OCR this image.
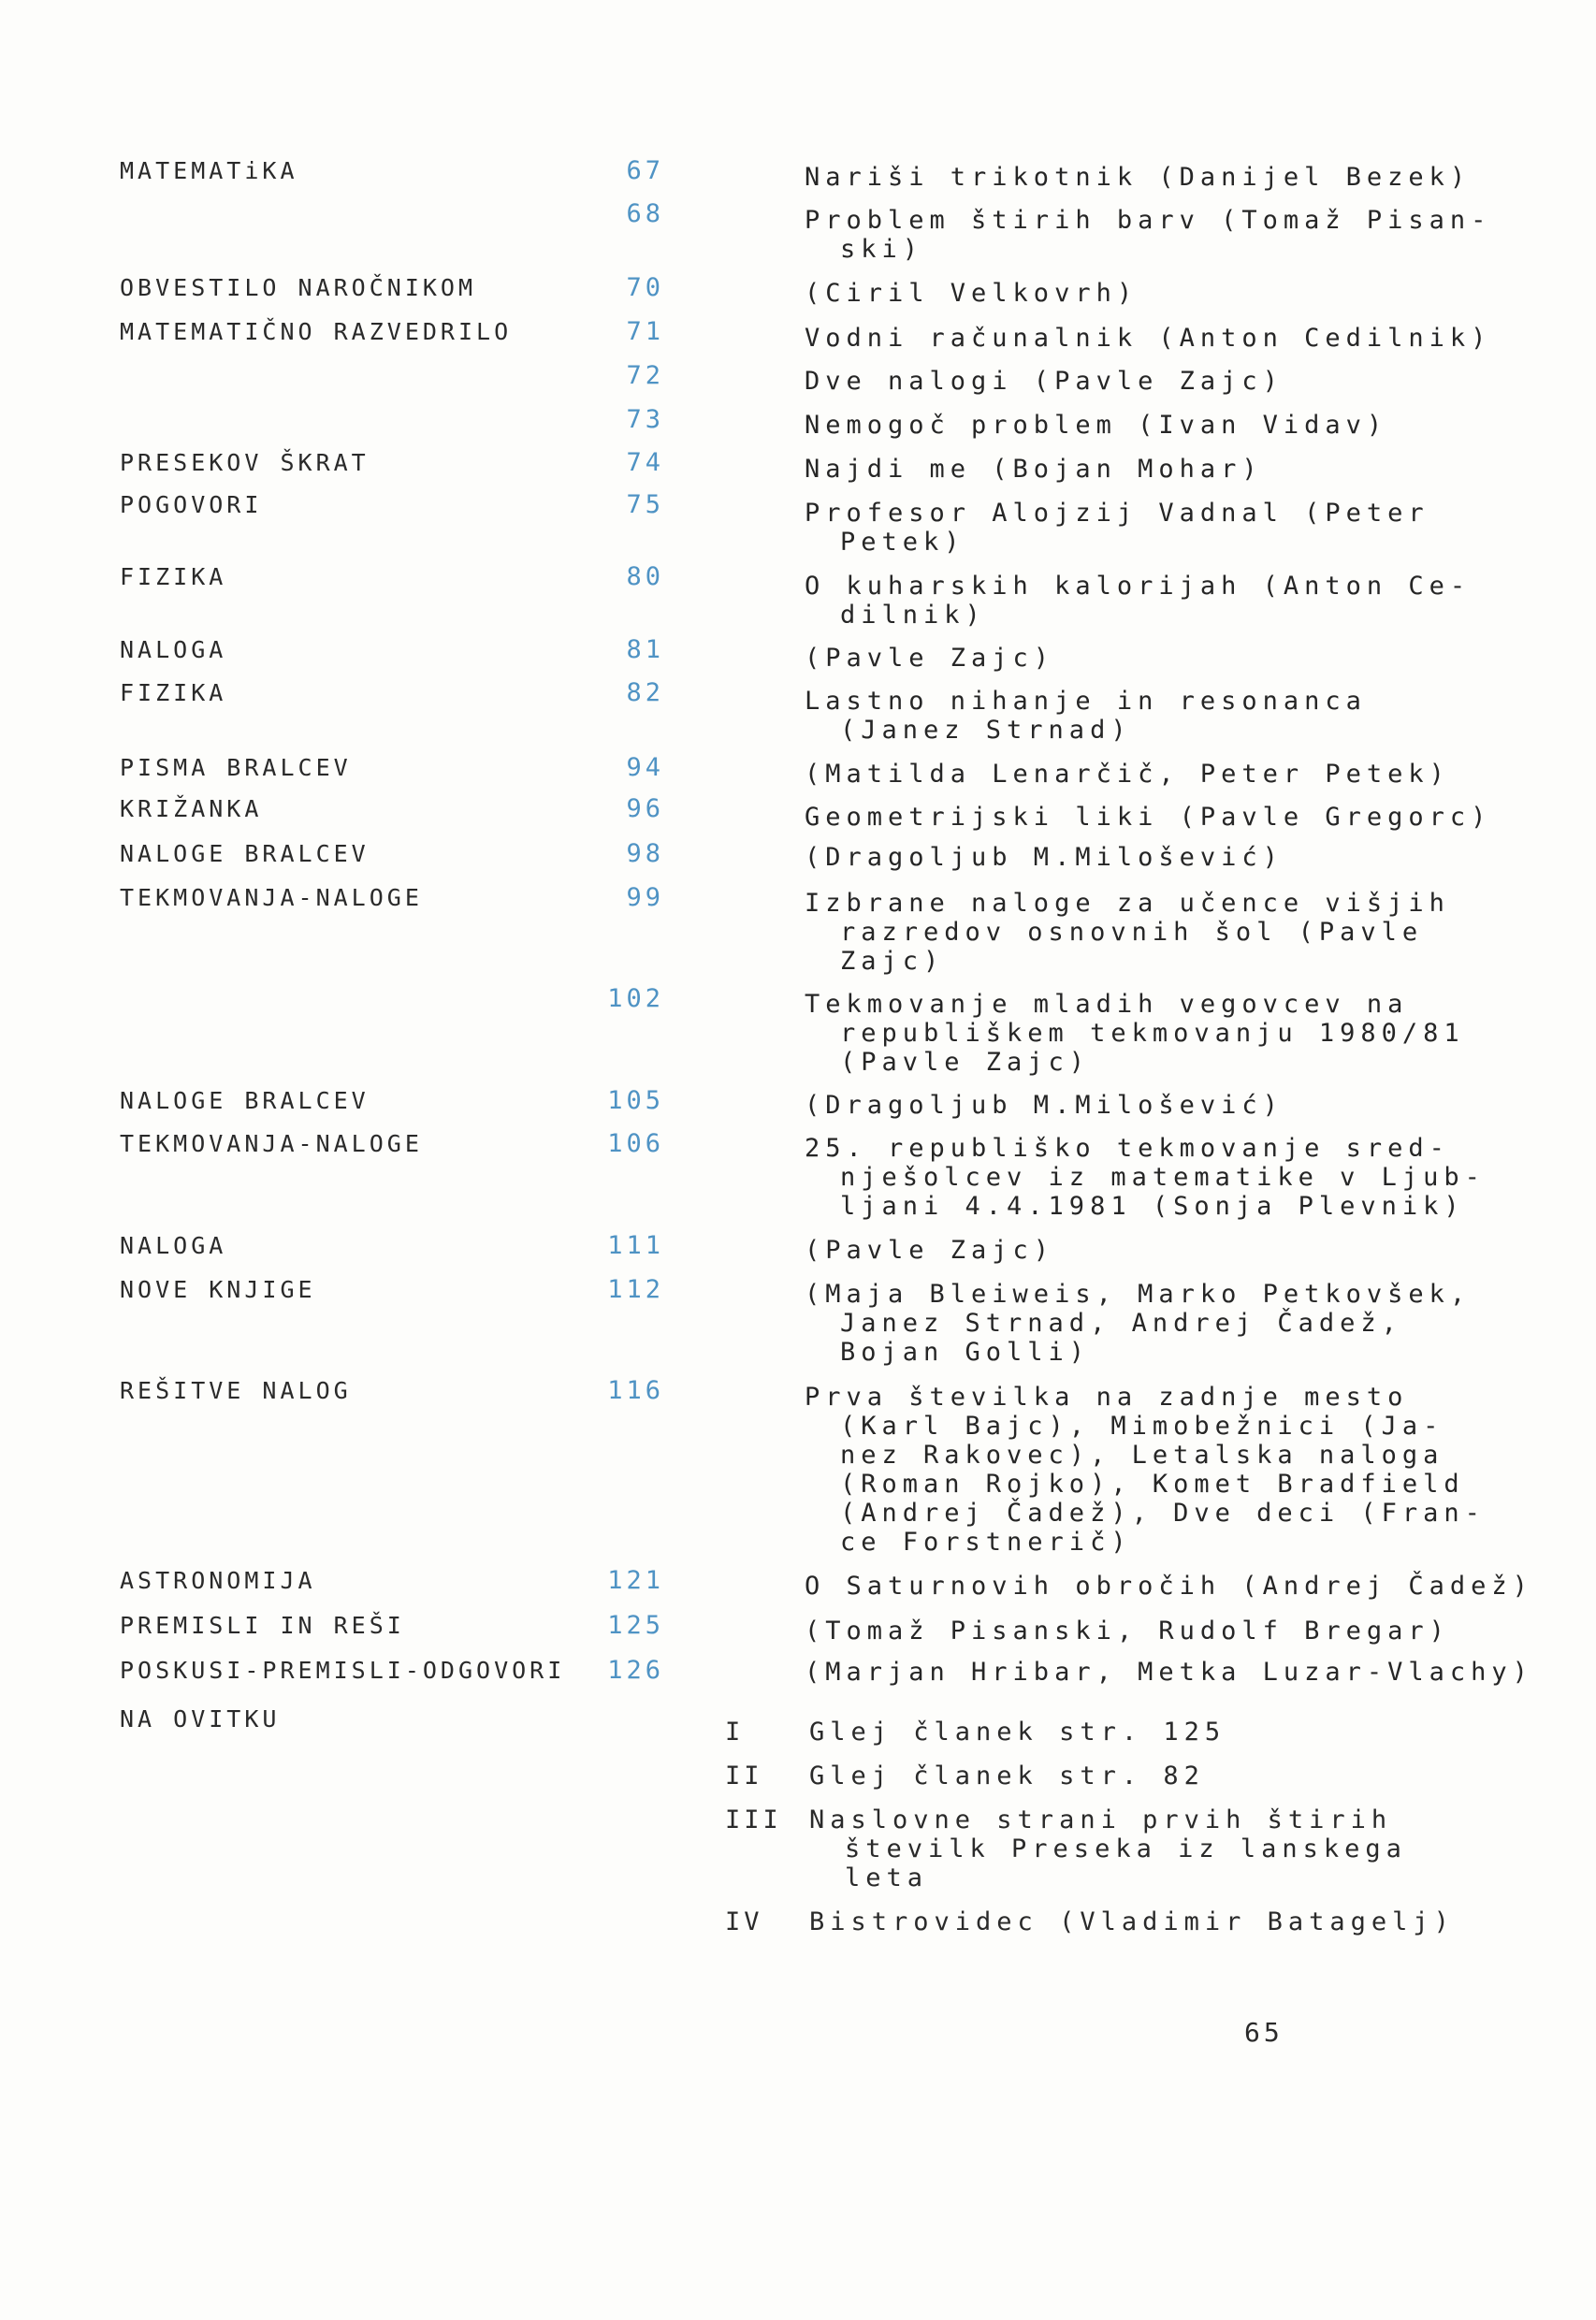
MATEMATiKA
OBVESTILO NAROČNIKOM
MATEMATIČNO RAZVEDRILO
PRESEKOV ŠKRAT
POGOVORI
FIZIKA
NALOGA
FIZIKA
PISMA BRALCEV
KRIŽANKA
NALOGE BRALCEV
TEKMOVANJA-NALOGE
NALOGE BRALCEV
TEKMOVANJA-NALOGE
NALOGA
NOVE KNJIGE
REŠITVE NALOG
ASTRONOMIJA
PREMISLI IN REŠI
POSKUSI-PREMISLI-ODGOVORI
NA OVITKU
67
68
70
71
72
73
74
75
80
81
82
94
96
98
99
102
105
106
111
112
116
121
125
126
Nariši trikotnik (Danijel Bezek)
Problem štirih barv (Tomaž Pisan-
ski)
(Ciril Velkovrh)
Vodni računalnik (Anton Cedilnik)
Dve nalogi (Pavle Zajc)
Nemogoč problem (Ivan Vidav)
Najdi me (Bojan Mohar)
Profesor Alojzij Vadnal (Peter
Petek)
O kuharskih kalorijah (Anton Ce-
dilnik)
(Pavle Zajc)
Lastno nihanje in resonanca
(Janez Strnad)
(Matilda Lenarčič, Peter Petek)
Geometrijski liki (Pavle Gregorc)
(Dragoljub M.Milošević)
Izbrane naloge za učence višjih
razredov osnovnih šol (Pavle
Zajc)
Tekmovanje mladih vegovcev na
republiškem tekmovanju 1980/81
(Pavle Zajc)
(Dragoljub M.Milošević)
25. republiško tekmovanje sred-
nješolcev iz matematike v Ljub-
ljani 4.4.1981 (Sonja Plevnik)
(Pavle Zajc)
(Maja Bleiweis, Marko Petkovšek,
Janez Strnad, Andrej Čadež,
Bojan Golli)
Prva številka na zadnje mesto
(Karl Bajc), Mimobežnici (Ja-
nez Rakovec), Letalska naloga
(Roman Rojko), Komet Bradfield
(Andrej Čadež), Dve deci (Fran-
ce Forstnerič)
O Saturnovih obročih (Andrej Čadež)
(Tomaž Pisanski, Rudolf Bregar)
(Marjan Hribar, Metka Luzar-Vlachy)
I	Glej članek str. 125
II Glej članek str. 82
III Naslovne strani prvih štirih
številk Preseka iz lanskega
leta
IV Bistrovidec (Vladimir Batagelj)
65
